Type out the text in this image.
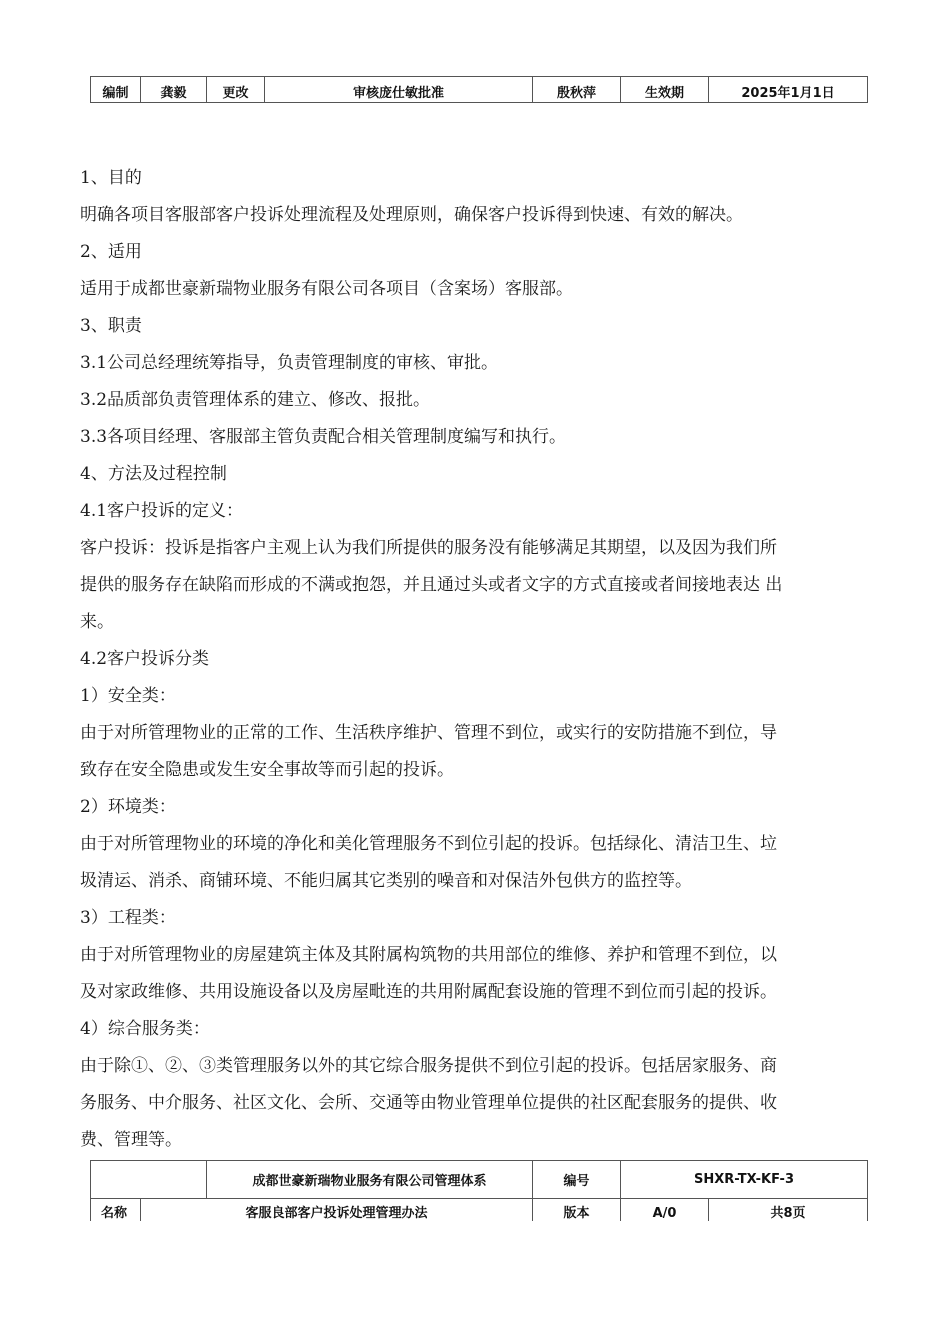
编制	龚毅	更改	审核庞仕敏批准	殷秋萍	生效期	2025年1月1日

1、目的

明确各项目客服部客户投诉处理流程及处理原则，确保客户投诉得到快速、有效的解决。

2、适用

适用于成都世豪新瑞物业服务有限公司各项目（含案场）客服部。

3、职责

3.1公司总经理统筹指导，负责管理制度的审核、审批。

3.2品质部负责管理体系的建立、修改、报批。

3.3各项目经理、客服部主管负责配合相关管理制度编写和执行。

4、方法及过程控制

4.1客户投诉的定义：

客户投诉：投诉是指客户主观上认为我们所提供的服务没有能够满足其期望，以及因为我们所

提供的服务存在缺陷而形成的不满或抱怨，并且通过头或者文字的方式直接或者间接地表达 出

来。

4.2客户投诉分类

1）安全类：

由于对所管理物业的正常的工作、生活秩序维护、管理不到位，或实行的安防措施不到位，导

致存在安全隐患或发生安全事故等而引起的投诉。

2）环境类：

由于对所管理物业的环境的净化和美化管理服务不到位引起的投诉。包括绿化、清洁卫生、垃

圾清运、消杀、商铺环境、不能归属其它类别的噪音和对保洁外包供方的监控等。

3）工程类：

由于对所管理物业的房屋建筑主体及其附属构筑物的共用部位的维修、养护和管理不到位，以

及对家政维修、共用设施设备以及房屋毗连的共用附属配套设施的管理不到位而引起的投诉。

4）综合服务类：

由于除①、②、③类管理服务以外的其它综合服务提供不到位引起的投诉。包括居家服务、商

务服务、中介服务、社区文化、会所、交通等由物业管理单位提供的社区配套服务的提供、收

费、管理等。

		成都世豪新瑞物业服务有限公司管理体系	编号	SHXR-TX-KF-3	
名称	客服良部客户投诉处理管理办法		版本	A/0	共8页
